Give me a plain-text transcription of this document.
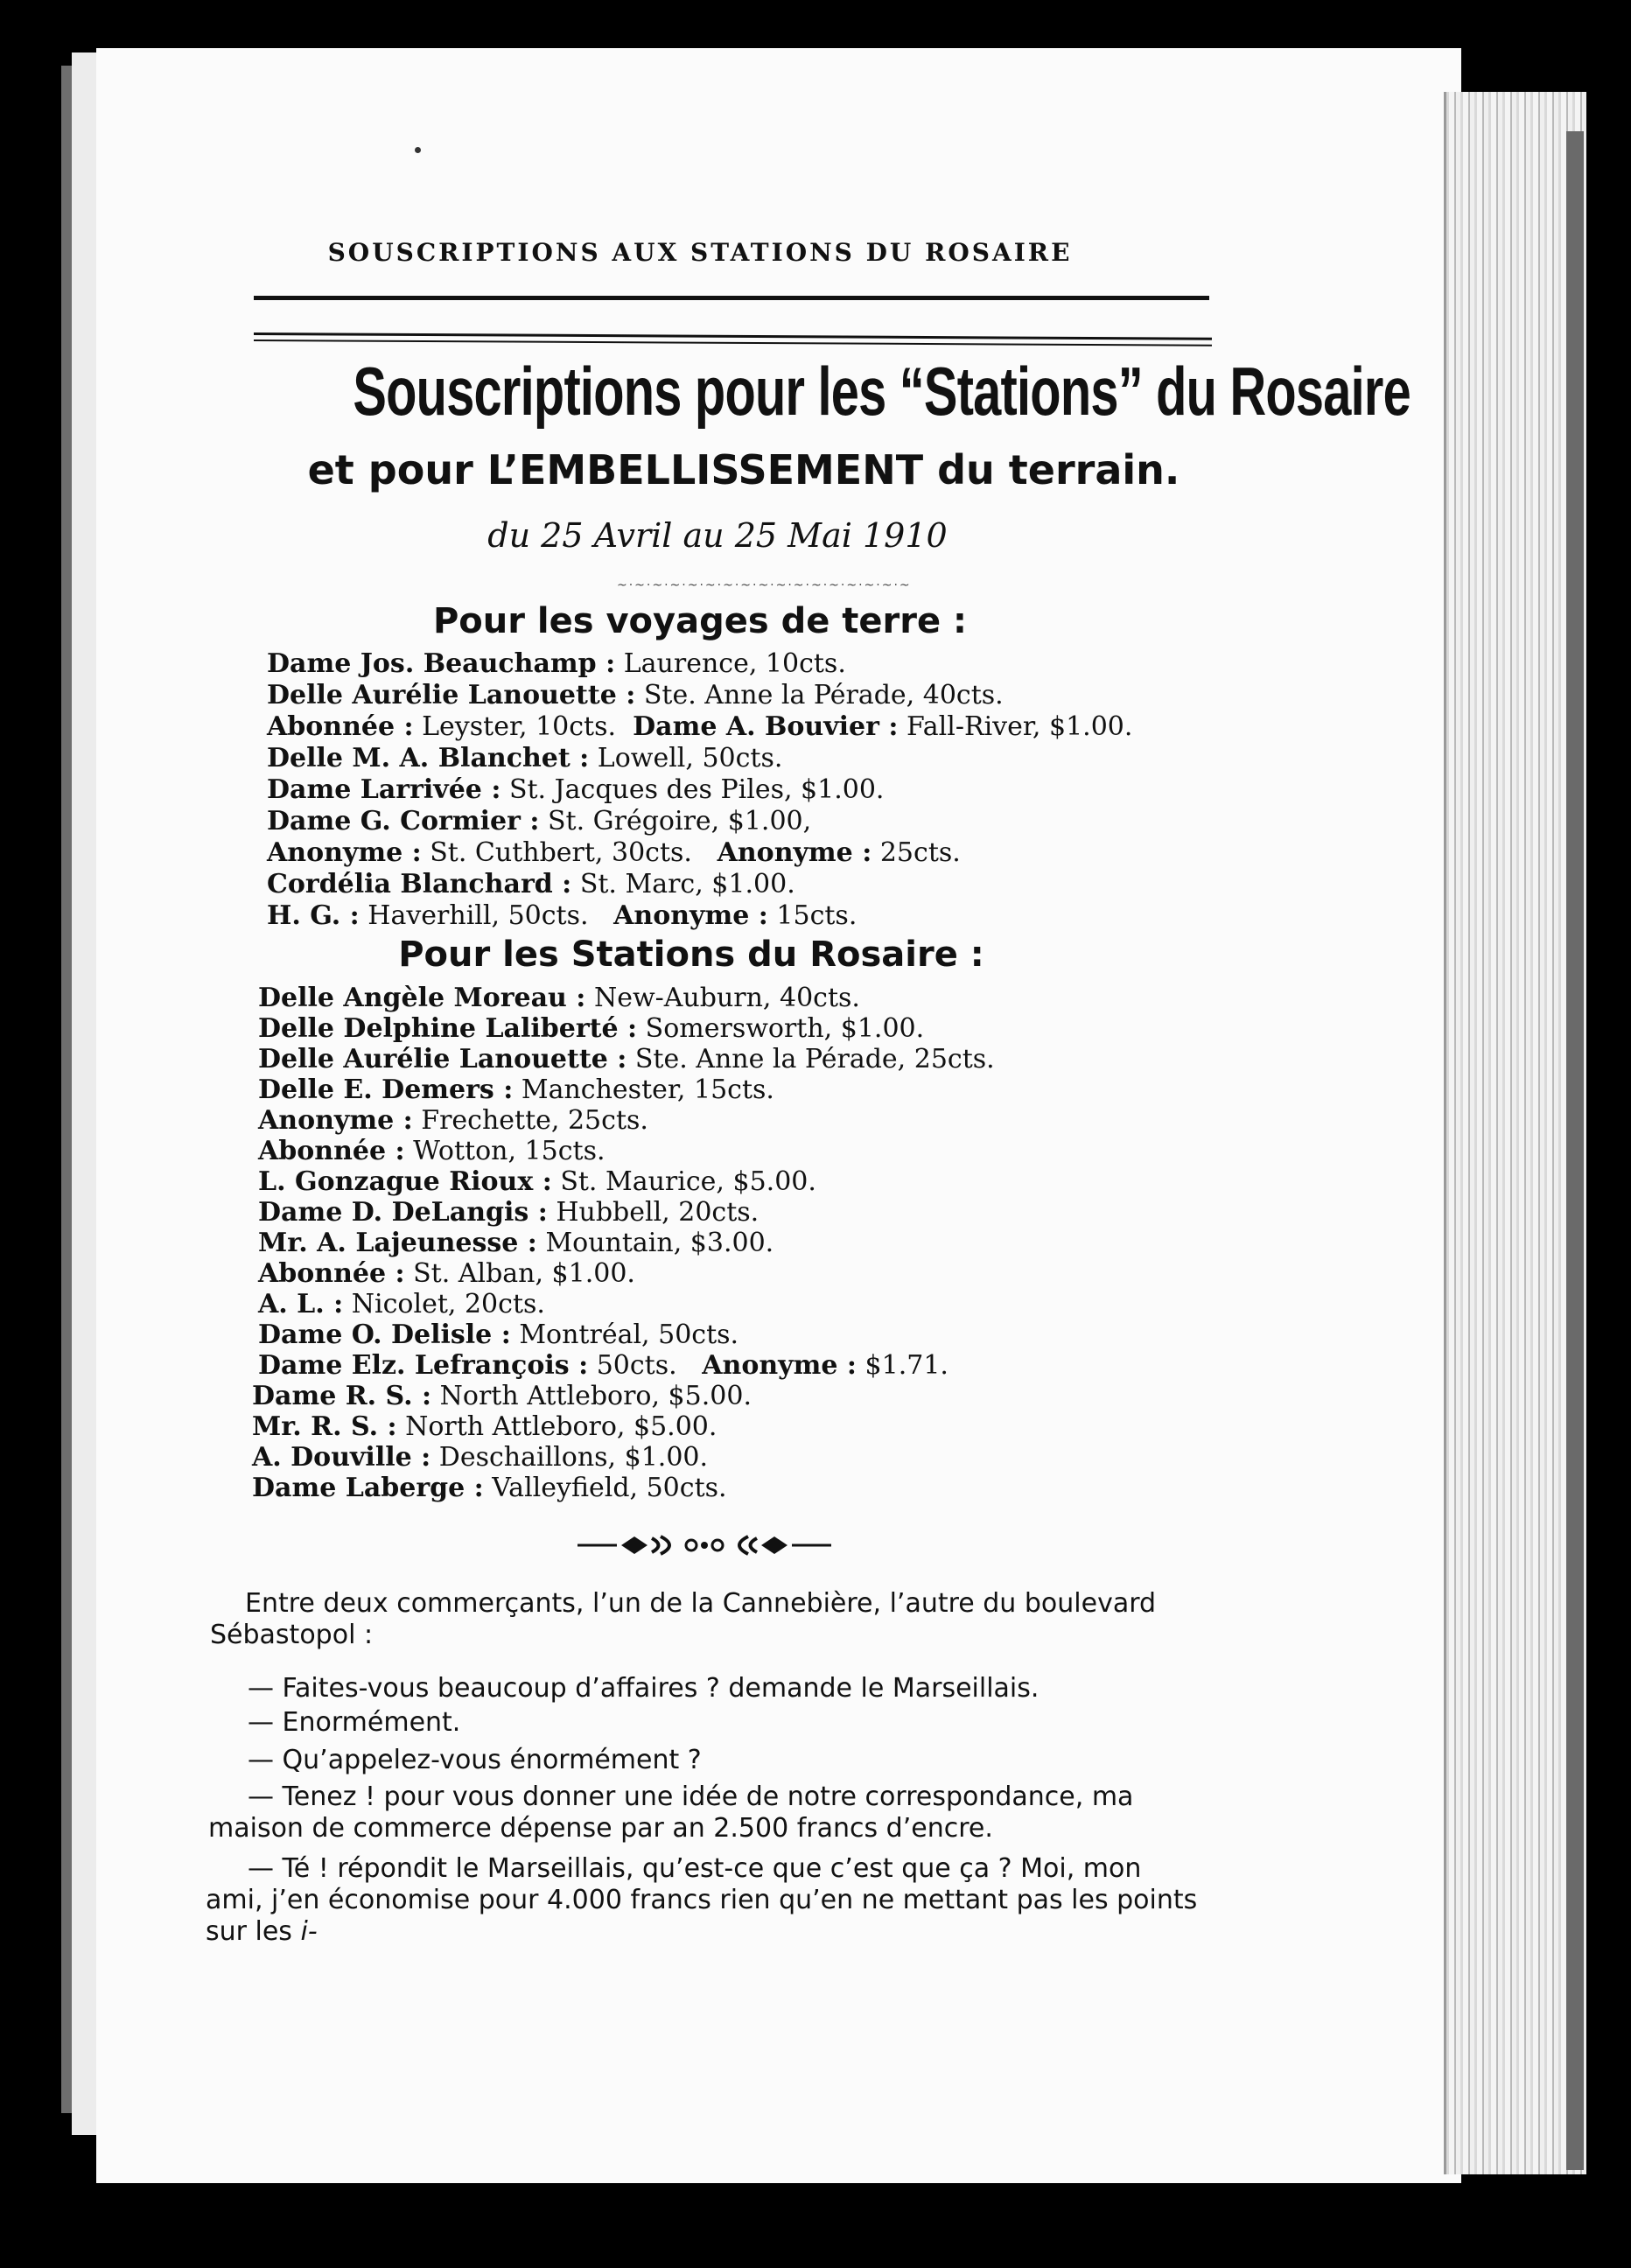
SOUSCRIPTIONS AUX STATIONS DU ROSAIRE
Souscriptions pour les “Stations” du Rosaire
et pour L’EMBELLISSEMENT du terrain.
du 25 Avril au 25 Mai 1910
~·~·~·~·~·~·~·~·~·~·~·~·~·~·~·~·~
Pour les voyages de terre :
Dame Jos. Beauchamp : Laurence, 10cts.
Delle Aurélie Lanouette : Ste. Anne la Pérade, 40cts.
Abonnée : Leyster, 10cts. Dame A. Bouvier : Fall-River, $1.00.
Delle M. A. Blanchet : Lowell, 50cts.
Dame Larrivée : St. Jacques des Piles, $1.00.
Dame G. Cormier : St. Grégoire, $1.00,
Anonyme : St. Cuthbert, 30cts. Anonyme : 25cts.
Cordélia Blanchard : St. Marc, $1.00.
H. G. : Haverhill, 50cts. Anonyme : 15cts.
Pour les Stations du Rosaire :
Delle Angèle Moreau : New-Auburn, 40cts.
Delle Delphine Laliberté : Somersworth, $1.00.
Delle Aurélie Lanouette : Ste. Anne la Pérade, 25cts.
Delle E. Demers : Manchester, 15cts.
Anonyme : Frechette, 25cts.
Abonnée : Wotton, 15cts.
L. Gonzague Rioux : St. Maurice, $5.00.
Dame D. DeLangis : Hubbell, 20cts.
Mr. A. Lajeunesse : Mountain, $3.00.
Abonnée : St. Alban, $1.00.
A. L. : Nicolet, 20cts.
Dame O. Delisle : Montréal, 50cts.
Dame Elz. Lefrançois : 50cts. Anonyme : $1.71.
Dame R. S. : North Attleboro, $5.00.
Mr. R. S. : North Attleboro, $5.00.
A. Douville : Deschaillons, $1.00.
Dame Laberge : Valleyfield, 50cts.
Entre deux commerçants, l’un de la Cannebière, l’autre du boulevard
Sébastopol :
— Faites-vous beaucoup d’affaires ? demande le Marseillais.
— Enormément.
— Qu’appelez-vous énormément ?
— Tenez ! pour vous donner une idée de notre correspondance, ma
maison de commerce dépense par an 2.500 francs d’encre.
— Té ! répondit le Marseillais, qu’est-ce que c’est que ça ? Moi, mon
ami, j’en économise pour 4.000 francs rien qu’en ne mettant pas les points
sur les i-
